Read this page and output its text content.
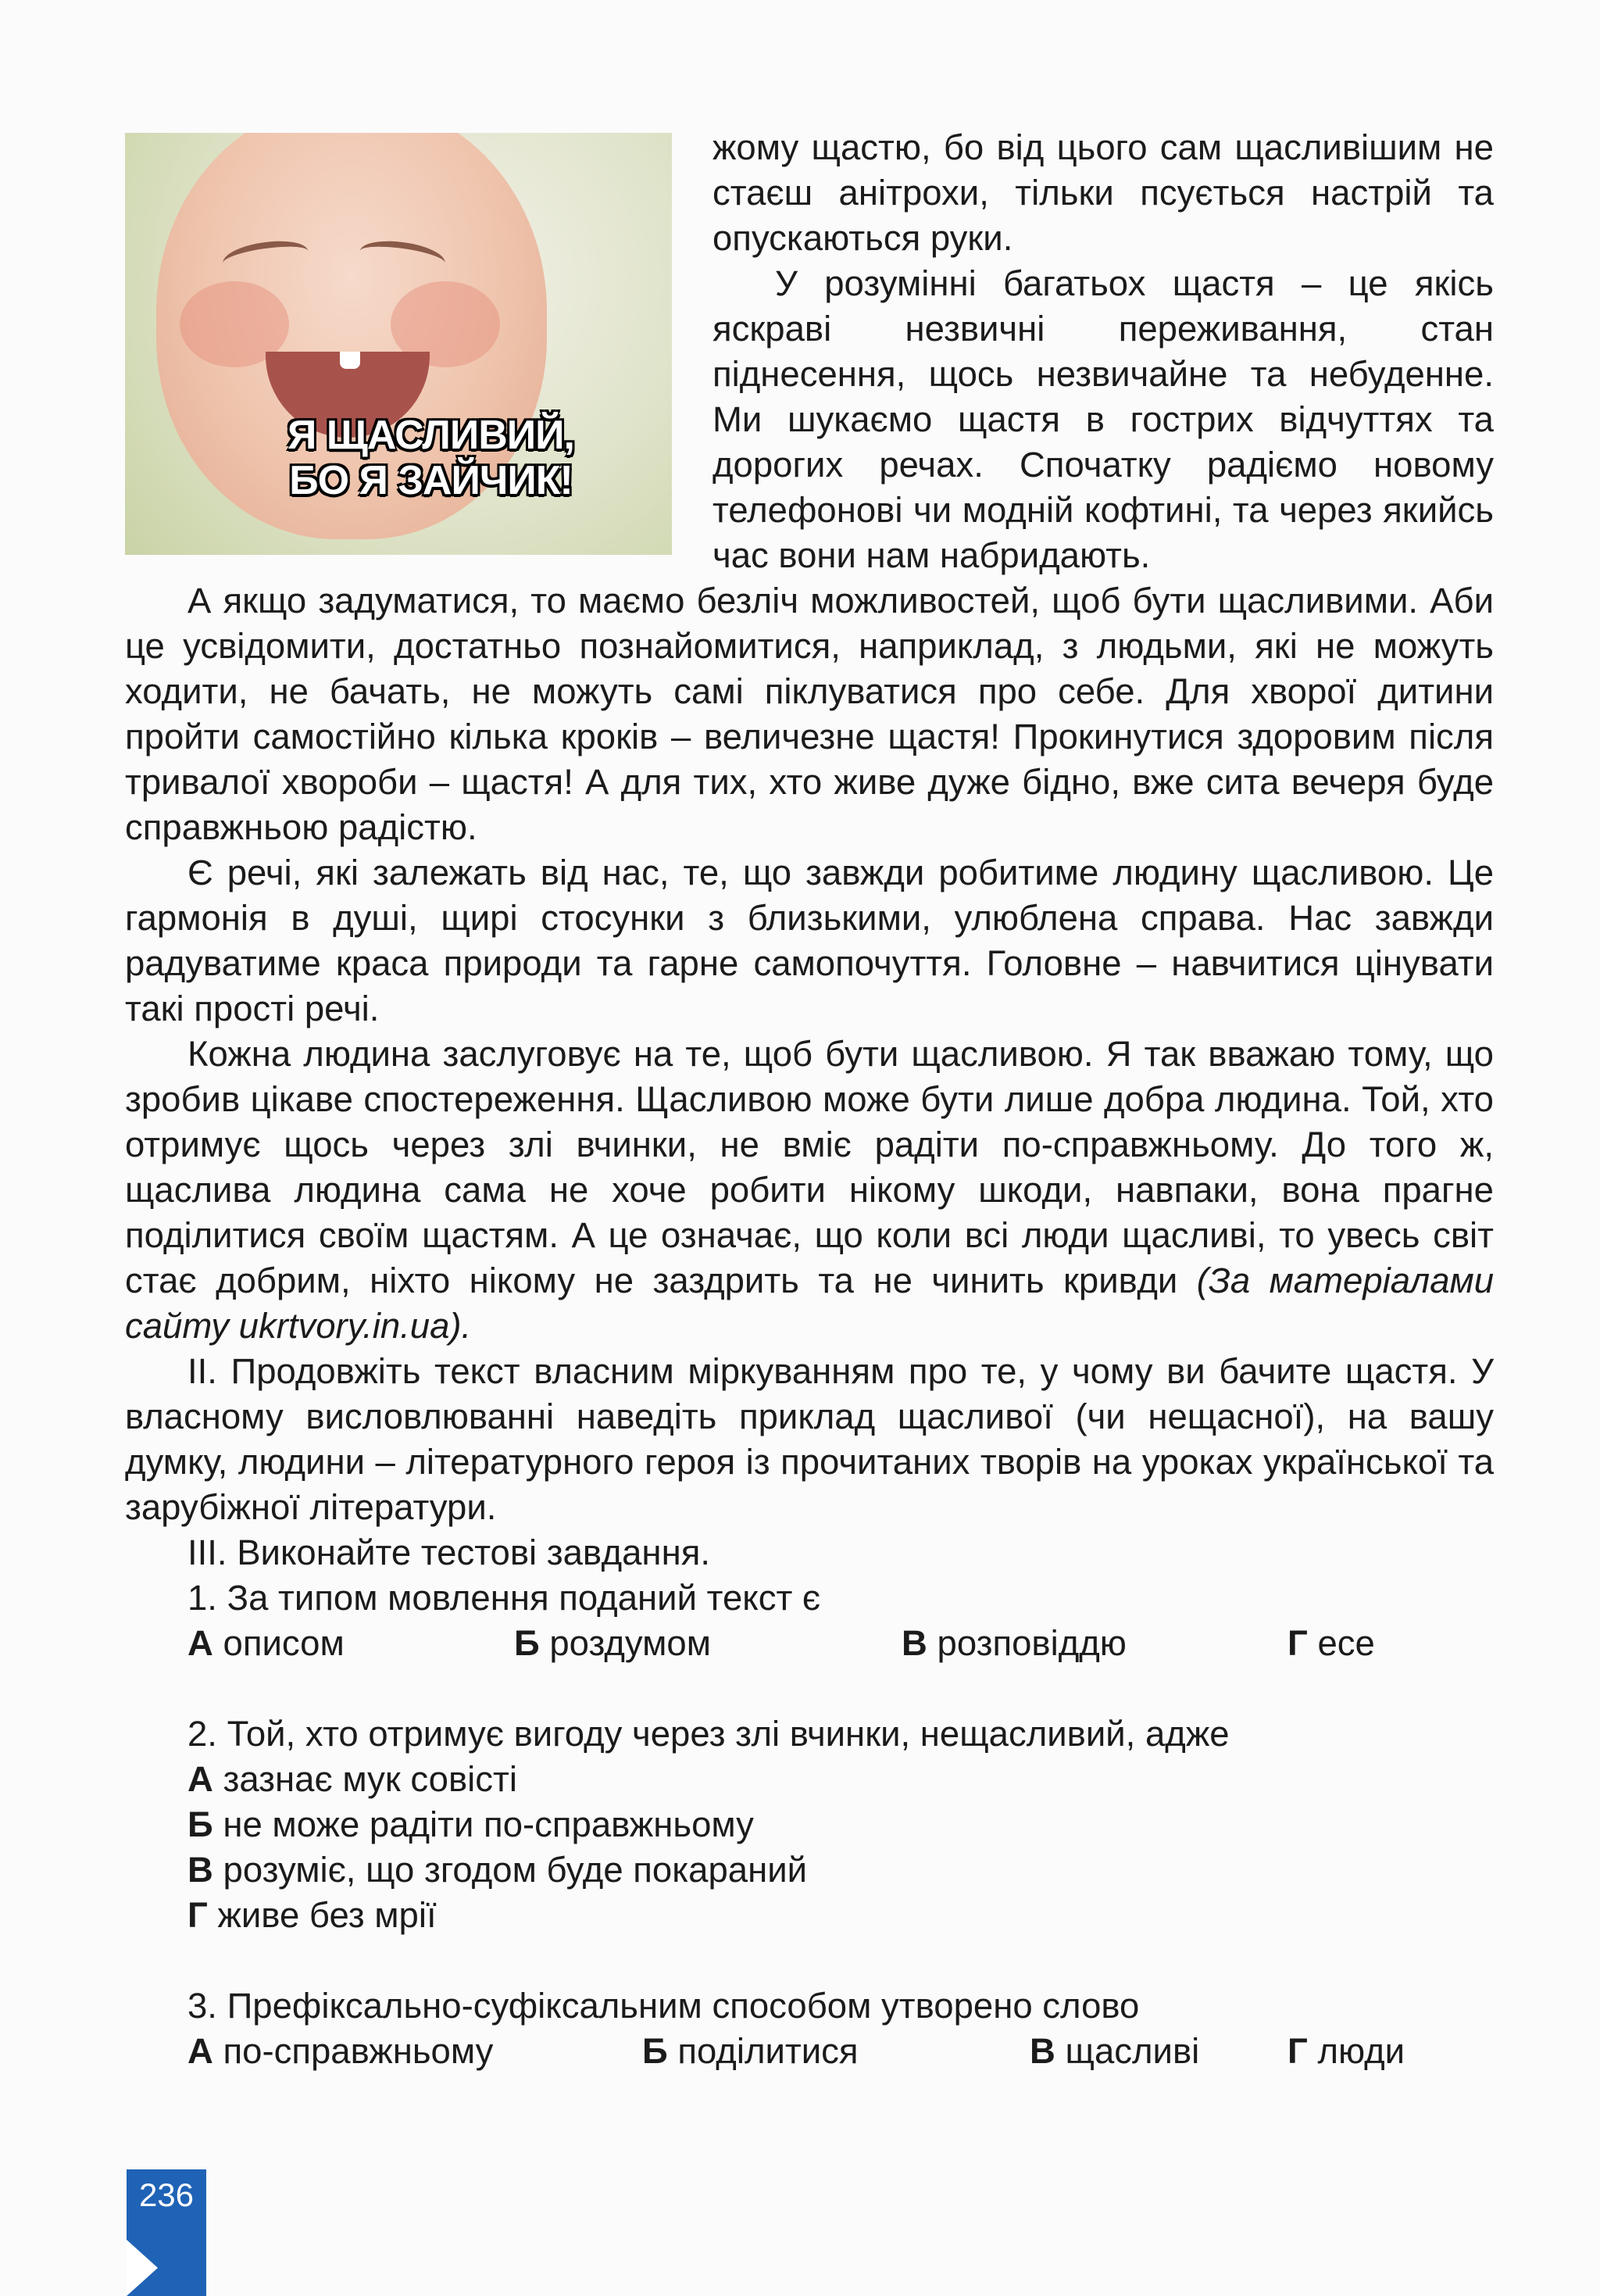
Я ЩАСЛИВИЙ,
БО Я ЗАЙЧИК!

жому щастю, бо від цього сам щасливішим не стаєш анітрохи, тільки псується настрій та опускаються руки.

У розумінні багатьох щастя – це якісь яскраві незвичні переживання, стан піднесення, щось незвичайне та небуденне. Ми шукаємо щастя в гострих відчуттях та дорогих речах. Спочатку радіємо новому телефонові чи модній кофтині, та через якийсь час вони нам набридають.

А якщо задуматися, то маємо безліч можливостей, щоб бути щасливими. Аби це усвідомити, достатньо познайомитися, наприклад, з людьми, які не можуть ходити, не бачать, не можуть самі піклуватися про себе. Для хворої дитини пройти самостійно кілька кроків – величезне щастя! Прокинутися здоровим після тривалої хвороби – щастя! А для тих, хто живе дуже бідно, вже сита вечеря буде справжньою радістю.

Є речі, які залежать від нас, те, що завжди робитиме людину щасливою. Це гармонія в душі, щирі стосунки з близькими, улюблена справа. Нас завжди радуватиме краса природи та гарне самопочуття. Головне – навчитися цінувати такі прості речі.

Кожна людина заслуговує на те, щоб бути щасливою. Я так вважаю тому, що зробив цікаве спостереження. Щасливою може бути лише добра людина. Той, хто отримує щось через злі вчинки, не вміє радіти по-справжньому. До того ж, щаслива людина сама не хоче робити нікому шкоди, навпаки, вона прагне поділитися своїм щастям. А це означає, що коли всі люди щасливі, то увесь світ стає добрим, ніхто нікому не заздрить та не чинить кривди (За матеріалами сайту ukrtvory.in.ua).

ІІ. Продовжіть текст власним міркуванням про те, у чому ви бачите щастя. У власному висловлюванні наведіть приклад щасливої (чи нещасної), на вашу думку, людини – літературного героя із прочитаних творів на уроках української та зарубіжної літератури.

ІІІ. Виконайте тестові завдання.

1. За типом мовлення поданий текст є
А описом	Б роздумом	В розповіддю	Г есе
2. Той, хто отримує вигоду через злі вчинки, нещасливий, адже
А зазнає мук совісті
Б не може радіти по-справжньому
В розуміє, що згодом буде покараний
Г живе без мрії
3. Префіксально-суфіксальним способом утворено слово
А по-справжньому	Б поділитися	В щасливі Г люди
236
